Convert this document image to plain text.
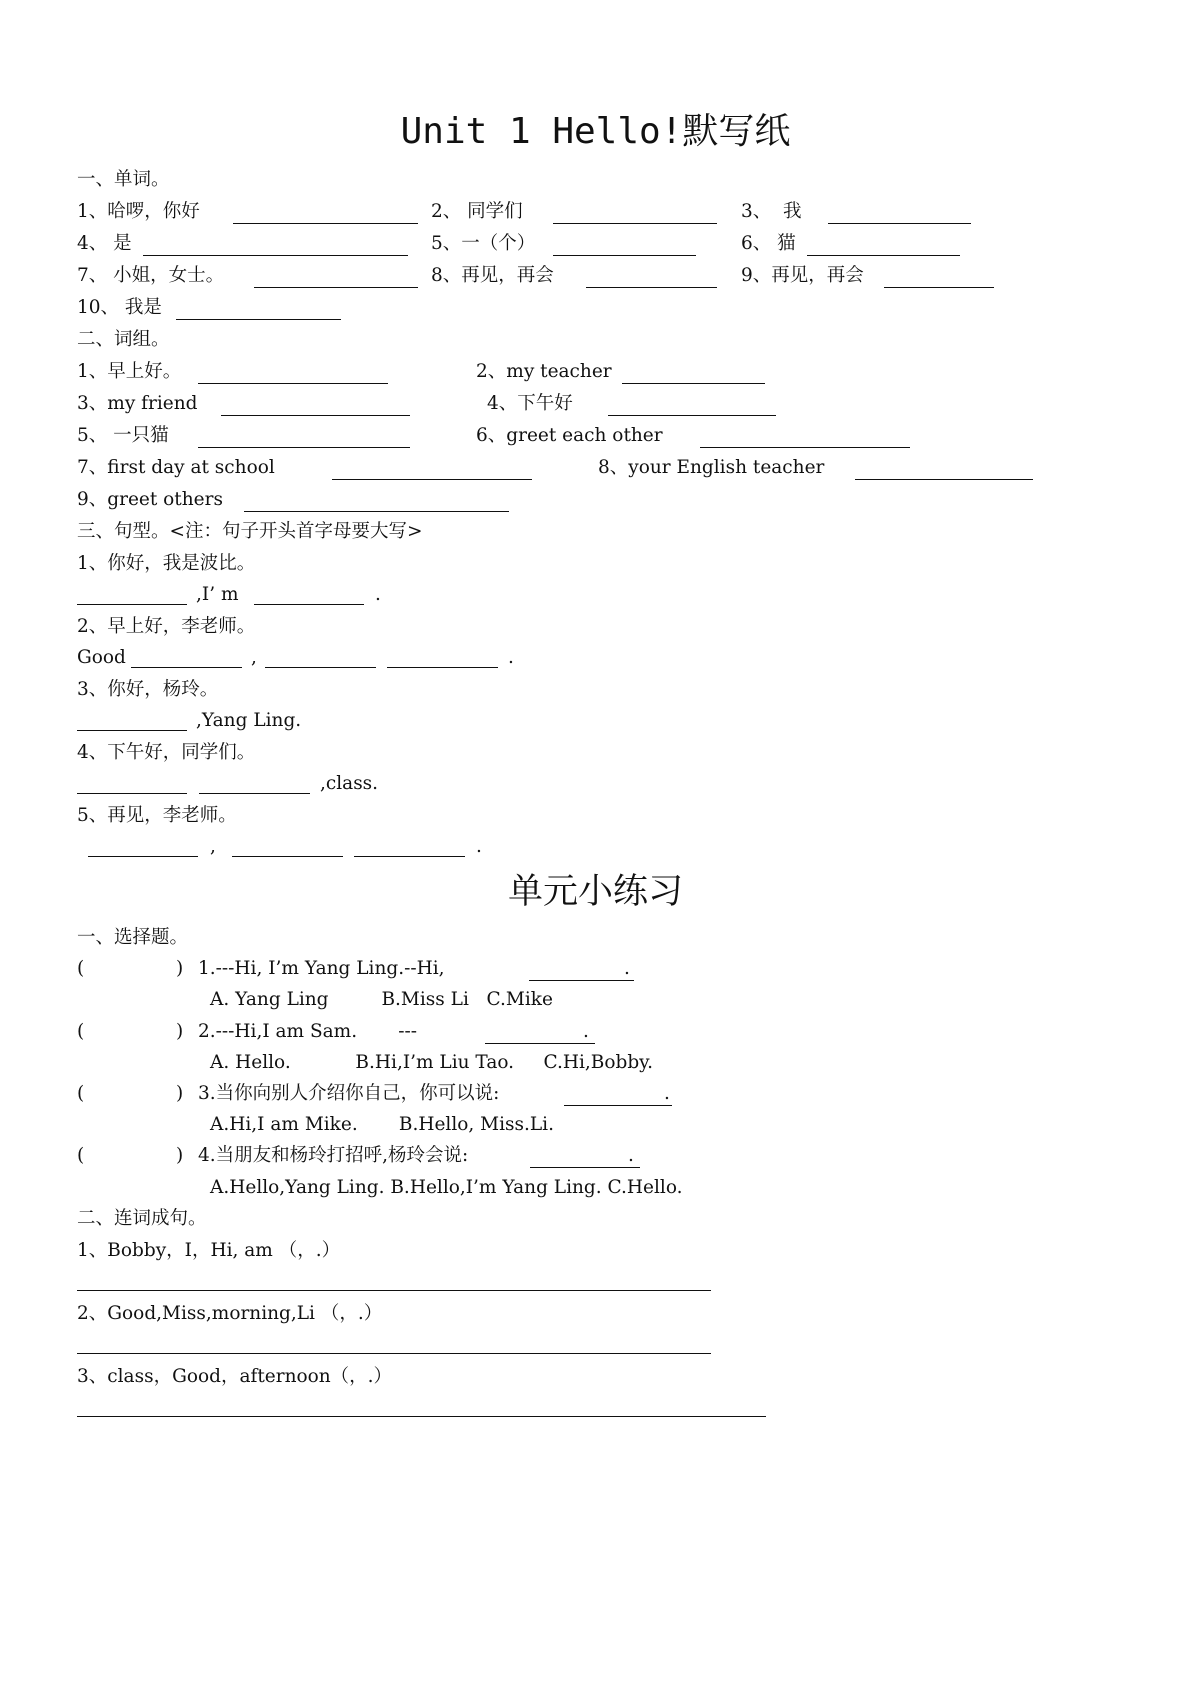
Unit 1 Hello!默写纸
一、单词。
1、哈啰，你好	2、 同学们	3、  我
4、 是	5、一（个）	6、 猫
7、 小姐，女士。	8、再见，再会	9、再见，再会
10、 我是
二、词组。
1、早上好。	2、my teacher
3、my friend	4、下午好
5、 一只猫	6、greet each other
7、first day at school	8、your English teacher
9、greet others
三、句型。<注：句子开头首字母要大写>
1、你好，我是波比。
,I’ m	.
2、早上好，李老师。
Good	,	.
3、你好，杨玲。
,Yang Ling.
4、下午好，同学们。
,class.
5、再见，李老师。
,	.
单元小练习
一、选择题。
(	) 1.---Hi, I’m Yang Ling.--Hi,	.
A. Yang Ling         B.Miss Li   C.Mike
(	) 2.---Hi,I am Sam.       ---	.
A. Hello.           B.Hi,I’m Liu Tao.     C.Hi,Bobby.
(	) 3.当你向别人介绍你自己，你可以说:	.
A.Hi,I am Mike.       B.Hello, Miss.Li.
(	) 4.当朋友和杨玲打招呼,杨玲会说:	.
A.Hello,Yang Ling. B.Hello,I’m Yang Ling. C.Hello.
二、连词成句。
1、Bobby，I，Hi, am （，.）
2、Good,Miss,morning,Li （，.）
3、class，Good，afternoon（，.）
